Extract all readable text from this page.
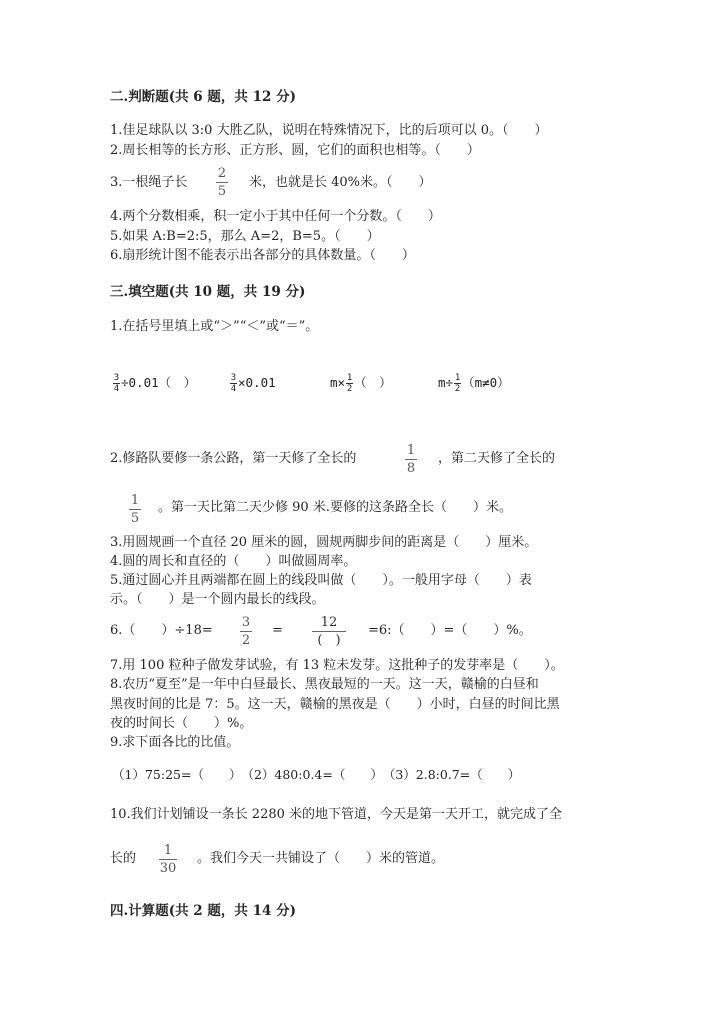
二.判断题(共 6 题，共 12 分)
1.佳足球队以 3:0 大胜乙队，说明在特殊情况下，比的后项可以 0。（　　）
2.周长相等的长方形、正方形、圆，它们的面积也相等。（　　）
3.一根绳子长
2
5
米，也就是长 40%米。（　　）
4.两个分数相乘，积一定小于其中任何一个分数。（　　）
5.如果 A:B=2:5，那么 A=2，B=5。（　　）
6.扇形统计图不能表示出各部分的具体数量。（　　）
三.填空题(共 10 题，共 19 分)
1.在括号里填上或“＞”“＜”或“＝”。
$\frac{3}{4} \div 0.01$（　）	$\frac{3}{4} \times 0.01$	$m\times \frac{1}{2}$ （　）	$m\div \frac{1}{2} (m\ne 0)$
2.修路队要修一条公路，第一天修了全长的
1
8
，第二天修了全长的
1
5
。第一天比第二天少修 90 米.要修的这条路全长（　　）米。
3.用圆规画一个直径 20 厘米的圆，圆规两脚步间的距离是（　　）厘米。
4.圆的周长和直径的（　　）叫做圆周率。
5.通过圆心并且两端都在圆上的线段叫做（　　）。一般用字母（　　）表
示。（　　）是一个圆内最长的线段。
6.（　　）÷18=
3
2
=
12
(　)
=6:（　　）=（　　）%。
7.用 100 粒种子做发芽试验，有 13 粒未发芽。这批种子的发芽率是（　　）。
8.农历“夏至”是一年中白昼最长、黑夜最短的一天。这一天，赣榆的白昼和
黑夜时间的比是 7：5。这一天，赣榆的黑夜是（　　）小时，白昼的时间比黑
夜的时间长（　　）%。
9.求下面各比的比值。
（1）75:25=（　　）　（2）480:0.4=（　　）　（3）2.8:0.7=（　　）
10.我们计划铺设一条长 2280 米的地下管道，今天是第一天开工，就完成了全
长的
1
30
。我们今天一共铺设了（　　）米的管道。
四.计算题(共 2 题，共 14 分)
